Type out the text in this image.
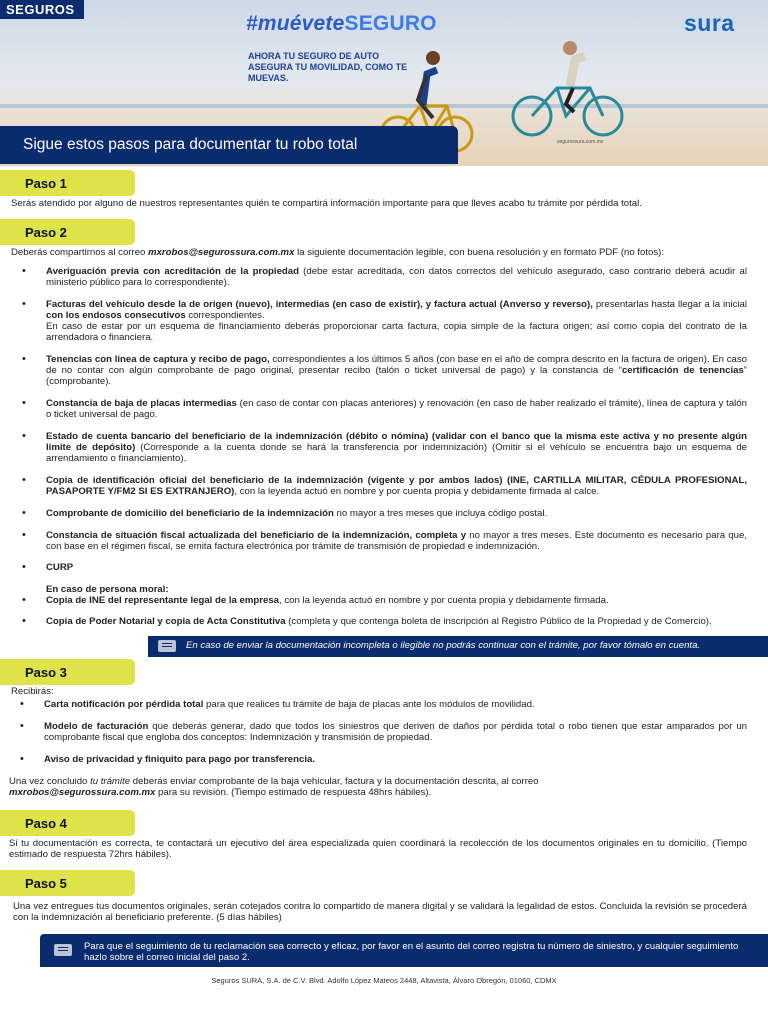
SEGUROS
#muéveteSEGURO
AHORA TU SEGURO DE AUTO ASEGURA TU MOVILIDAD, COMO TE MUEVAS.
sura
segurossura.com.mx
Sigue estos pasos para documentar tu robo total
Paso 1
Serás atendido por alguno de nuestros representantes quién te compartirá información importante para que lleves acabo tu trámite por pérdida total.
Paso 2
Deberás compartirnos al correo mxrobos@segurossura.com.mx la siguiente documentación legible, con buena resolución y en formato PDF (no fotos):
• Averiguación previa con acreditación de la propiedad (debe estar acreditada, con datos correctos del vehículo asegurado, caso contrario deberá acudir al ministerio público para lo correspondiente).
• Facturas del vehículo desde la de origen (nuevo), intermedias (en caso de existir), y factura actual (Anverso y reverso), presentarlas hasta llegar a la inicial con los endosos consecutivos correspondientes.
En caso de estar por un esquema de financiamiento deberás proporcionar carta factura, copia simple de la factura origen; así como copia del contrato de la arrendadora o financiera.
• Tenencias con línea de captura y recibo de pago, correspondientes a los últimos 5 años (con base en el año de compra descrito en la factura de origen). En caso de no contar con algún comprobante de pago original, presentar recibo (talón o ticket universal de pago) y la constancia de “certificación de tenencias” (comprobante).
• Constancia de baja de placas intermedias (en caso de contar con placas anteriores) y renovación (en caso de haber realizado el trámite), línea de captura y talón o ticket universal de pago.
• Estado de cuenta bancario del beneficiario de la indemnización (débito o nómina) (validar con el banco que la misma este activa y no presente algún límite de depósito) (Corresponde a la cuenta donde se hará la transferencia por indemnización) (Omitir si el vehículo se encuentra bajo un esquema de arrendamiento o financiamiento).
• Copia de identificación oficial del beneficiario de la indemnización (vigente y por ambos lados) (INE, CARTILLA MILITAR, CÉDULA PROFESIONAL, PASAPORTE Y/FM2 SI ES EXTRANJERO), con la leyenda actuó en nombre y por cuenta propia y debidamente firmada al calce.
• Comprobante de domicilio del beneficiario de la indemnización no mayor a tres meses que incluya código postal.
• Constancia de situación fiscal actualizada del beneficiario de la indemnización, completa y no mayor a tres meses. Este documento es necesario para que, con base en el régimen fiscal, se emita factura electrónica por trámite de transmisión de propiedad e indemnización.
• CURP
En caso de persona moral:
• Copia de INE del representante legal de la empresa, con la leyenda actuó en nombre y por cuenta propia y debidamente firmada.
• Copia de Poder Notarial y copia de Acta Constitutiva (completa y que contenga boleta de inscripción al Registro Público de la Propiedad y de Comercio).
En caso de enviar la documentación incompleta o ilegible no podrás continuar con el trámite, por favor tómalo en cuenta.
Paso 3
Recibirás:
• Carta notificación por pérdida total para que realices tu trámite de baja de placas ante los módulos de movilidad.
• Modelo de facturación que deberás generar, dado que todos los siniestros que deriven de daños por pérdida total o robo tienen que estar amparados por un comprobante fiscal que engloba dos conceptos: Indemnización y transmisión de propiedad.
• Aviso de privacidad y finiquito para pago por transferencia.
Una vez concluido tu trámite deberás enviar comprobante de la baja vehicular, factura y la documentación descrita, al correo
mxrobos@segurossura.com.mx para su revisión. (Tiempo estimado de respuesta 48hrs hábiles).
Paso 4
Si tu documentación es correcta, te contactará un ejecutivo del área especializada quien coordinará la recolección de los documentos originales en tu domicilio. (Tiempo estimado de respuesta 72hrs hábiles).
Paso 5
Una vez entregues tus documentos originales, serán cotejados contra lo compartido de manera digital y se validará la legalidad de estos. Concluida la revisión se procederá con la indemnización al beneficiario preferente. (5 días hábiles)
Para que el seguimiento de tu reclamación sea correcto y eficaz, por favor en el asunto del correo registra tu número de siniestro, y cualquier seguimiento hazlo sobre el correo inicial del paso 2.
Seguros SURA, S.A. de C.V. Blvd. Adolfo López Mateos 2448, Altavista, Álvaro Obregón, 01060, CDMX
